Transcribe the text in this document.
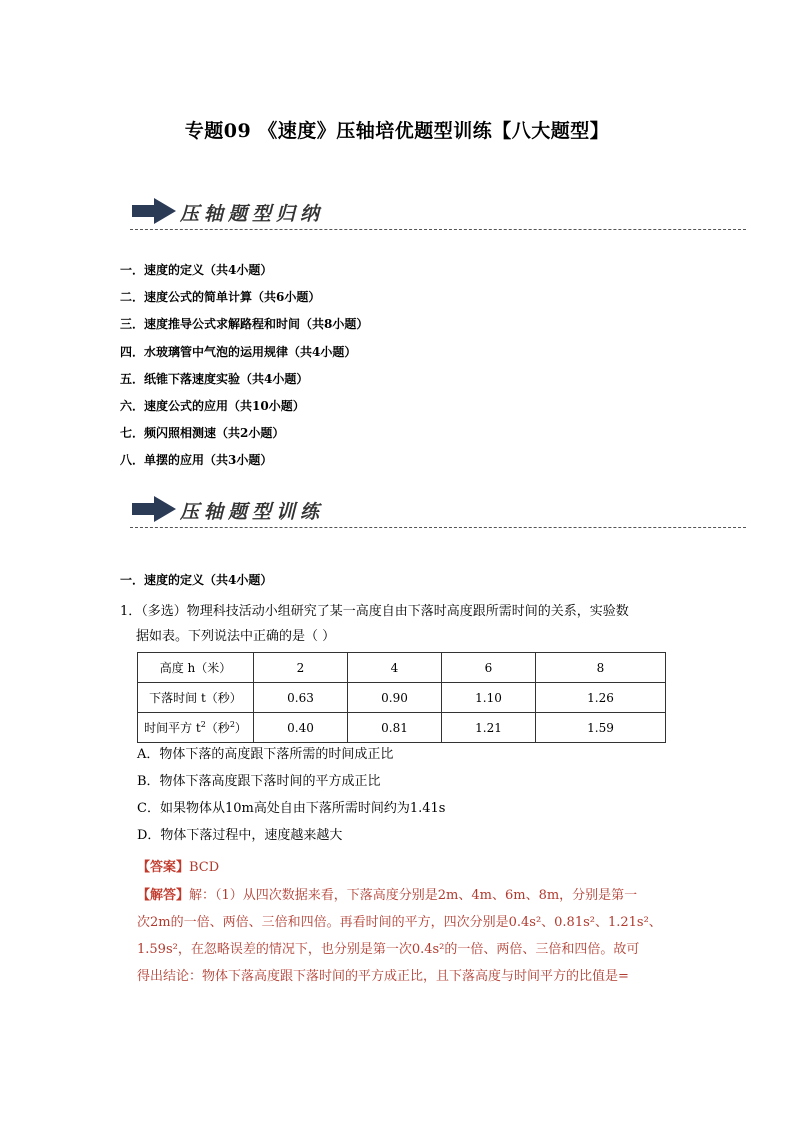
专题09 《速度》压轴培优题型训练【八大题型】
压轴题型归纳
一．速度的定义（共4小题）
二．速度公式的简单计算（共6小题）
三．速度推导公式求解路程和时间（共8小题）
四．水玻璃管中气泡的运用规律（共4小题）
五．纸锥下落速度实验（共4小题）
六．速度公式的应用（共10小题）
七．频闪照相测速（共2小题）
八．单摆的应用（共3小题）
压轴题型训练
一．速度的定义（共4小题）
1．（多选）物理科技活动小组研究了某一高度自由下落时高度跟所需时间的关系，实验数
据如表。下列说法中正确的是（ ）
高度 h（米）	2	4	6	8
下落时间 t（秒）	0.63	0.90	1.10	1.26
时间平方 $t^2$（秒$^2$）	0.40	0.81	1.21	1.59
A．物体下落的高度跟下落所需的时间成正比
B．物体下落高度跟下落时间的平方成正比
C．如果物体从10m高处自由下落所需时间约为1.41s
D．物体下落过程中，速度越来越大
【答案】BCD
【解答】解：（1）从四次数据来看，下落高度分别是2m、4m、6m、8m，分别是第一
次2m的一倍、两倍、三倍和四倍。再看时间的平方，四次分别是0.4s²、0.81s²、1.21s²、
1.59s²，在忽略误差的情况下，也分别是第一次0.4s²的一倍、两倍、三倍和四倍。故可
得出结论：物体下落高度跟下落时间的平方成正比，且下落高度与时间平方的比值是=
